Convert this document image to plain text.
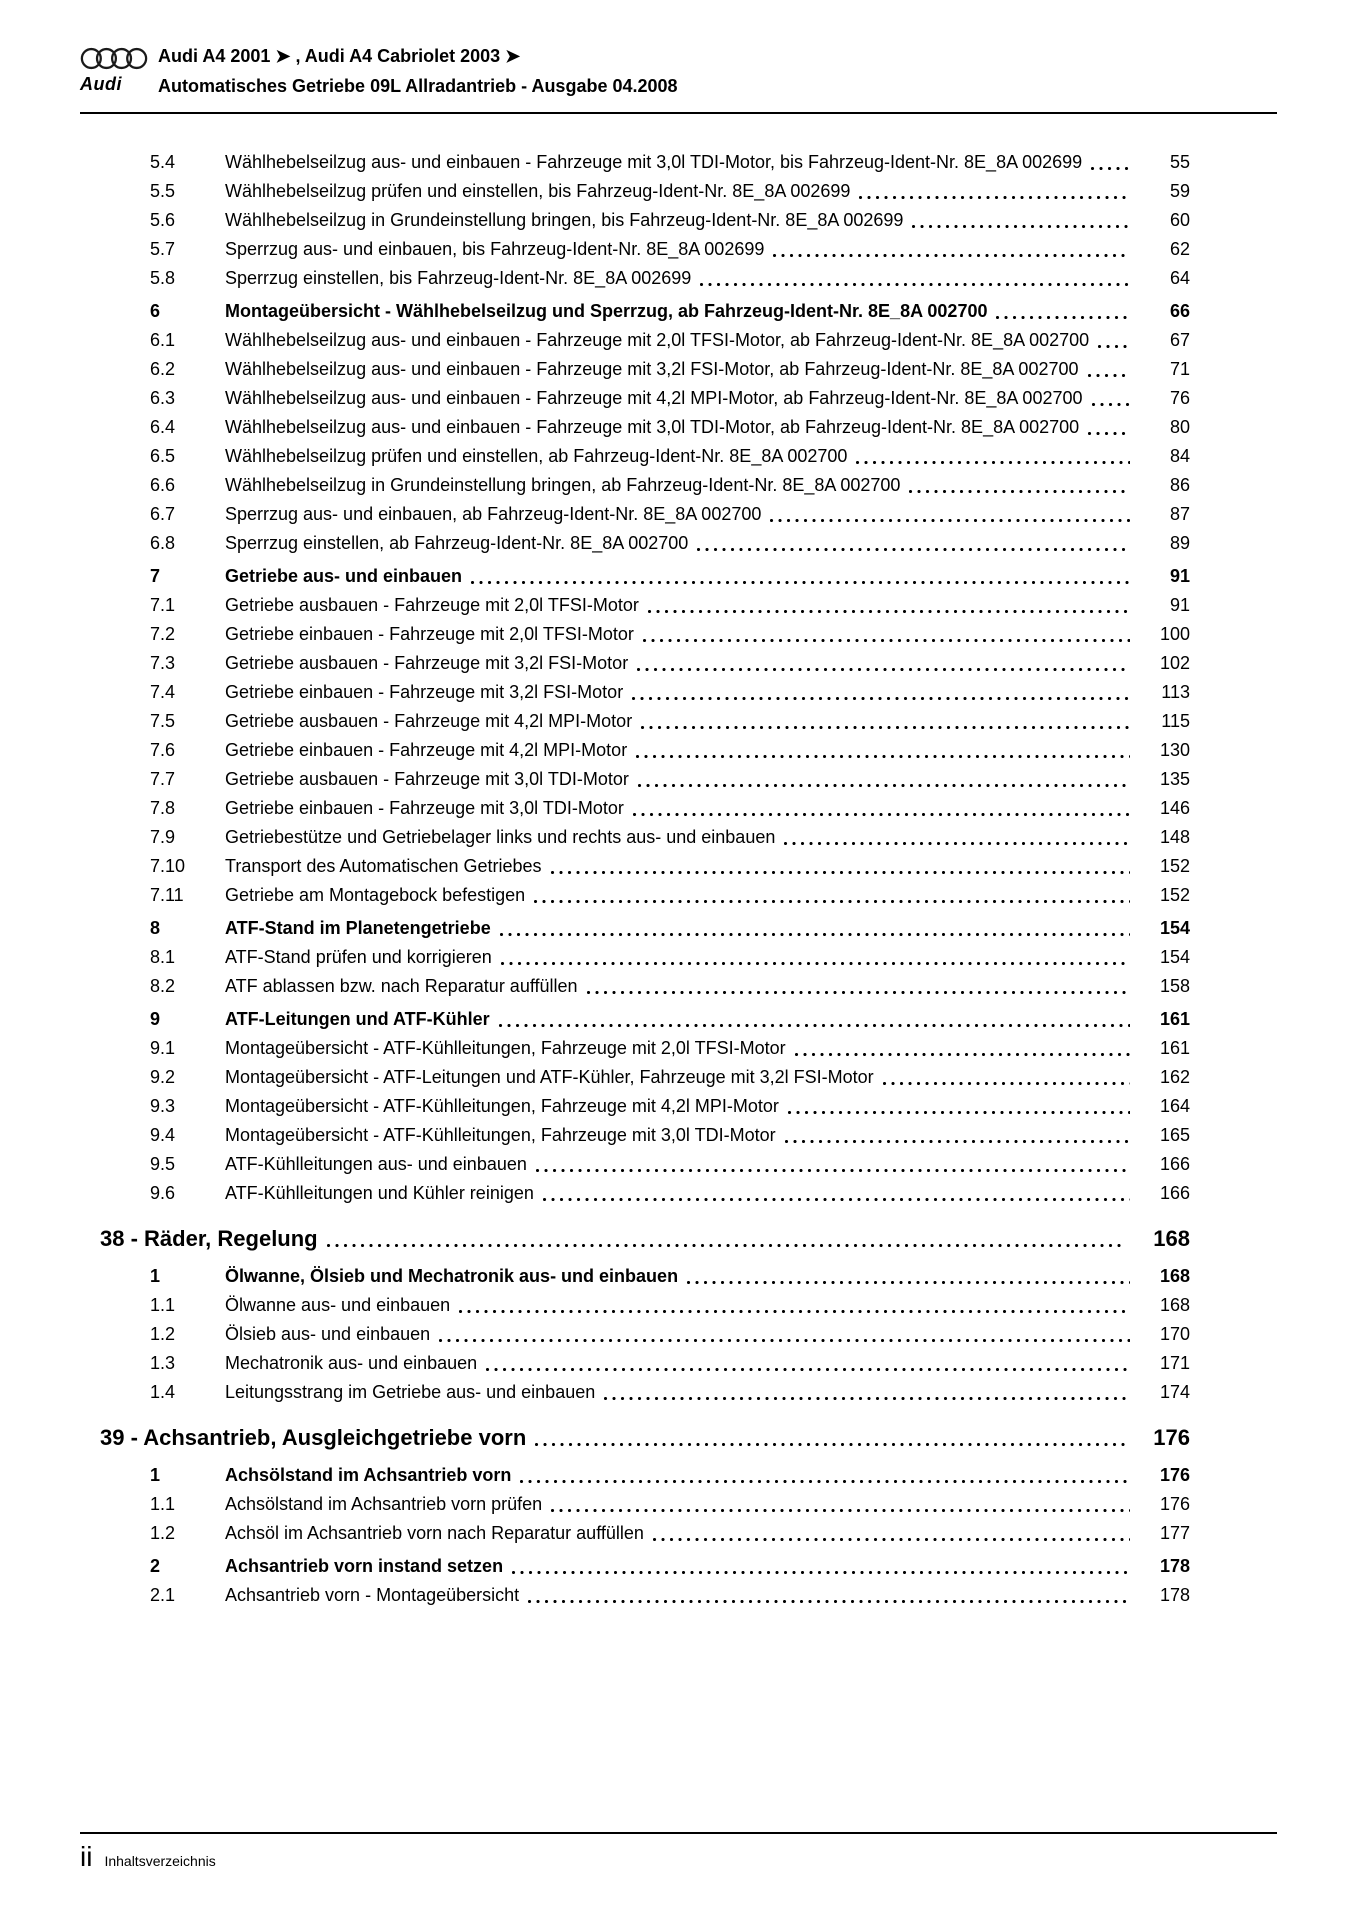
Audi
Audi A4 2001 ➤ , Audi A4 Cabriolet 2003 ➤
Automatisches Getriebe 09L Allradantrieb - Ausgabe 04.2008
5.4	Wählhebelseilzug aus- und einbauen - Fahrzeuge mit 3,0l TDI-Motor, bis Fahrzeug-Ident-Nr. 8E_8A 002699	55
5.5	Wählhebelseilzug prüfen und einstellen, bis Fahrzeug-Ident-Nr. 8E_8A 002699	59
5.6	Wählhebelseilzug in Grundeinstellung bringen, bis Fahrzeug-Ident-Nr. 8E_8A 002699	60
5.7	Sperrzug aus- und einbauen, bis Fahrzeug-Ident-Nr. 8E_8A 002699	62
5.8	Sperrzug einstellen, bis Fahrzeug-Ident-Nr. 8E_8A 002699	64
6	Montageübersicht - Wählhebelseilzug und Sperrzug, ab Fahrzeug-Ident-Nr. 8E_8A 002700	66
6.1	Wählhebelseilzug aus- und einbauen - Fahrzeuge mit 2,0l TFSI-Motor, ab Fahrzeug-Ident-Nr. 8E_8A 002700	67
6.2	Wählhebelseilzug aus- und einbauen - Fahrzeuge mit 3,2l FSI-Motor, ab Fahrzeug-Ident-Nr. 8E_8A 002700	71
6.3	Wählhebelseilzug aus- und einbauen - Fahrzeuge mit 4,2l MPI-Motor, ab Fahrzeug-Ident-Nr. 8E_8A 002700	76
6.4	Wählhebelseilzug aus- und einbauen - Fahrzeuge mit 3,0l TDI-Motor, ab Fahrzeug-Ident-Nr. 8E_8A 002700	80
6.5	Wählhebelseilzug prüfen und einstellen, ab Fahrzeug-Ident-Nr. 8E_8A 002700	84
6.6	Wählhebelseilzug in Grundeinstellung bringen, ab Fahrzeug-Ident-Nr. 8E_8A 002700	86
6.7	Sperrzug aus- und einbauen, ab Fahrzeug-Ident-Nr. 8E_8A 002700	87
6.8	Sperrzug einstellen, ab Fahrzeug-Ident-Nr. 8E_8A 002700	89
7	Getriebe aus- und einbauen	91
7.1	Getriebe ausbauen - Fahrzeuge mit 2,0l TFSI-Motor	91
7.2	Getriebe einbauen - Fahrzeuge mit 2,0l TFSI-Motor	100
7.3	Getriebe ausbauen - Fahrzeuge mit 3,2l FSI-Motor	102
7.4	Getriebe einbauen - Fahrzeuge mit 3,2l FSI-Motor	113
7.5	Getriebe ausbauen - Fahrzeuge mit 4,2l MPI-Motor	115
7.6	Getriebe einbauen - Fahrzeuge mit 4,2l MPI-Motor	130
7.7	Getriebe ausbauen - Fahrzeuge mit 3,0l TDI-Motor	135
7.8	Getriebe einbauen - Fahrzeuge mit 3,0l TDI-Motor	146
7.9	Getriebestütze und Getriebelager links und rechts aus- und einbauen	148
7.10	Transport des Automatischen Getriebes	152
7.11	Getriebe am Montagebock befestigen	152
8	ATF-Stand im Planetengetriebe	154
8.1	ATF-Stand prüfen und korrigieren	154
8.2	ATF ablassen bzw. nach Reparatur auffüllen	158
9	ATF-Leitungen und ATF-Kühler	161
9.1	Montageübersicht - ATF-Kühlleitungen, Fahrzeuge mit 2,0l TFSI-Motor	161
9.2	Montageübersicht - ATF-Leitungen und ATF-Kühler, Fahrzeuge mit 3,2l FSI-Motor	162
9.3	Montageübersicht - ATF-Kühlleitungen, Fahrzeuge mit 4,2l MPI-Motor	164
9.4	Montageübersicht - ATF-Kühlleitungen, Fahrzeuge mit 3,0l TDI-Motor	165
9.5	ATF-Kühlleitungen aus- und einbauen	166
9.6	ATF-Kühlleitungen und Kühler reinigen	166
38 - Räder, Regelung	168
1	Ölwanne, Ölsieb und Mechatronik aus- und einbauen	168
1.1	Ölwanne aus- und einbauen	168
1.2	Ölsieb aus- und einbauen	170
1.3	Mechatronik aus- und einbauen	171
1.4	Leitungsstrang im Getriebe aus- und einbauen	174
39 - Achsantrieb, Ausgleichgetriebe vorn	176
1	Achsölstand im Achsantrieb vorn	176
1.1	Achsölstand im Achsantrieb vorn prüfen	176
1.2	Achsöl im Achsantrieb vorn nach Reparatur auffüllen	177
2	Achsantrieb vorn instand setzen	178
2.1	Achsantrieb vorn - Montageübersicht	178
ii Inhaltsverzeichnis
